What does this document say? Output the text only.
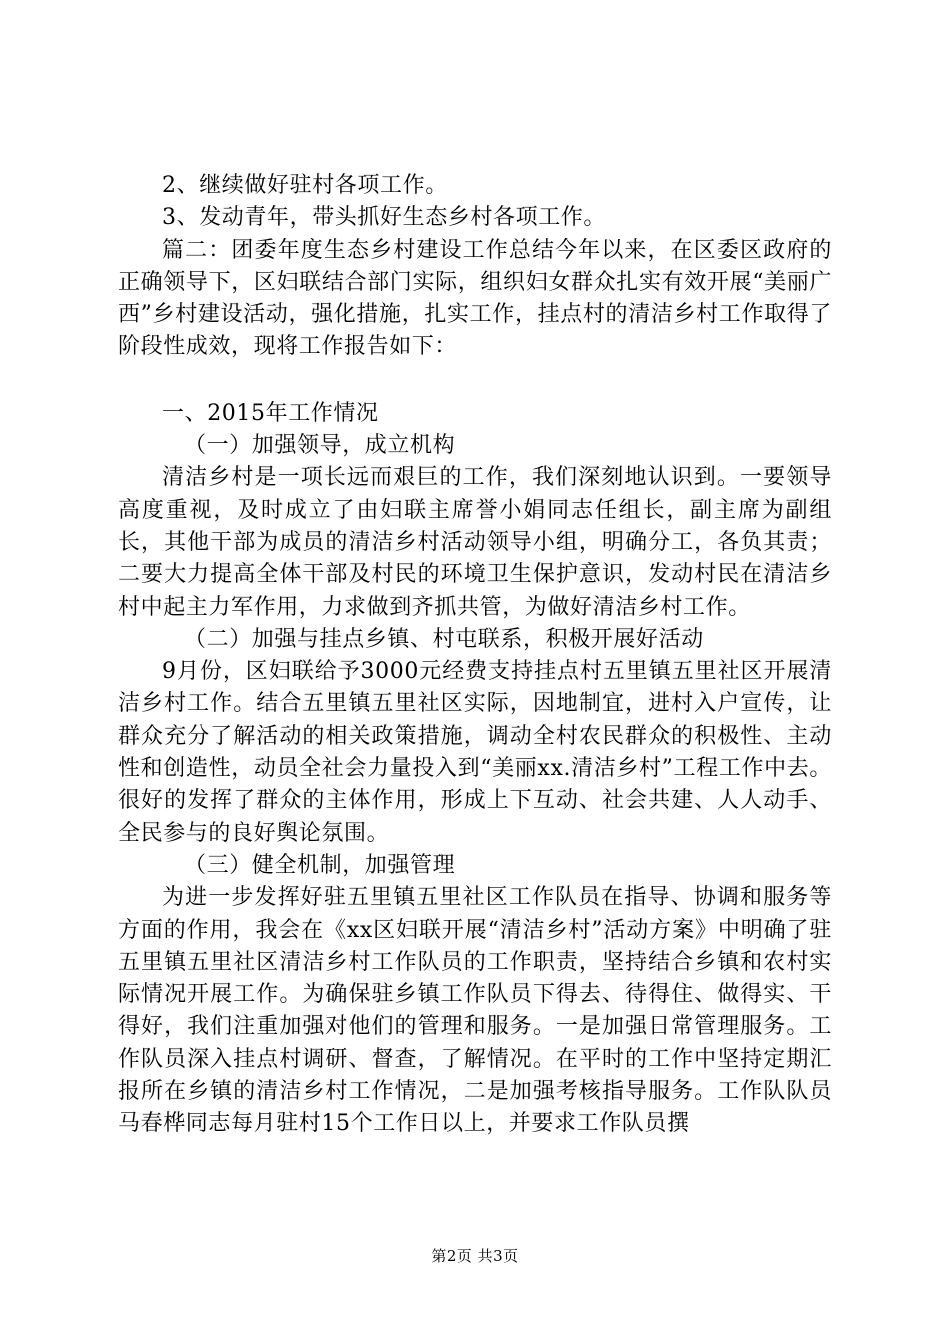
2、继续做好驻村各项工作。

3、发动青年，带头抓好生态乡村各项工作。

篇二：团委年度生态乡村建设工作总结今年以来，在区委区政府的正确领导下，区妇联结合部门实际，组织妇女群众扎实有效开展“美丽广西”乡村建设活动，强化措施，扎实工作，挂点村的清洁乡村工作取得了阶段性成效，现将工作报告如下：

一、2015年工作情况

（一）加强领导，成立机构

清洁乡村是一项长远而艰巨的工作，我们深刻地认识到。一要领导高度重视，及时成立了由妇联主席誉小娟同志任组长，副主席为副组长，其他干部为成员的清洁乡村活动领导小组，明确分工，各负其责；二要大力提高全体干部及村民的环境卫生保护意识，发动村民在清洁乡村中起主力军作用，力求做到齐抓共管，为做好清洁乡村工作。

（二）加强与挂点乡镇、村屯联系，积极开展好活动

9月份，区妇联给予3000元经费支持挂点村五里镇五里社区开展清洁乡村工作。结合五里镇五里社区实际，因地制宜，进村入户宣传，让群众充分了解活动的相关政策措施，调动全村农民群众的积极性、主动性和创造性，动员全社会力量投入到“美丽xx.清洁乡村”工程工作中去。很好的发挥了群众的主体作用，形成上下互动、社会共建、人人动手、全民参与的良好舆论氛围。

（三）健全机制，加强管理

为进一步发挥好驻五里镇五里社区工作队员在指导、协调和服务等方面的作用，我会在《xx区妇联开展“清洁乡村”活动方案》中明确了驻五里镇五里社区清洁乡村工作队员的工作职责，坚持结合乡镇和农村实际情况开展工作。为确保驻乡镇工作队员下得去、待得住、做得实、干得好，我们注重加强对他们的管理和服务。一是加强日常管理服务。工作队员深入挂点村调研、督查，了解情况。在平时的工作中坚持定期汇报所在乡镇的清洁乡村工作情况，二是加强考核指导服务。工作队队员马春桦同志每月驻村15个工作日以上，并要求工作队员撰

第2页 共3页
